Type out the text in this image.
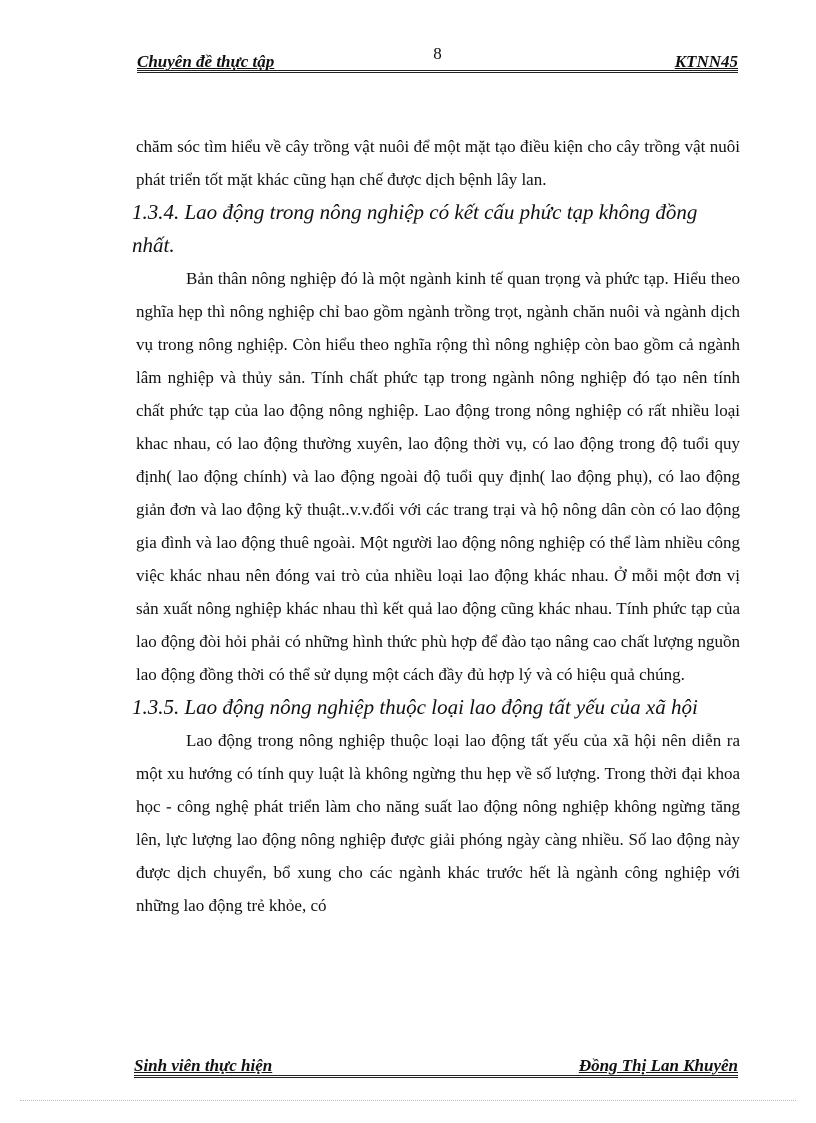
Chuyên đề thực tập	8	KTNN45

chăm sóc tìm hiểu về cây trồng vật nuôi để một mặt tạo điều kiện cho cây trồng vật nuôi phát triển tốt mặt khác cũng hạn chế được dịch bệnh lây lan.

1.3.4. Lao động trong nông nghiệp có kết cấu phức tạp không đồng nhất.

Bản thân nông nghiệp đó là một ngành kinh tế quan trọng và phức tạp. Hiểu theo nghĩa hẹp thì nông nghiệp chỉ bao gồm ngành trồng trọt, ngành chăn nuôi và ngành dịch vụ trong nông nghiệp. Còn hiểu theo nghĩa rộng thì nông nghiệp còn bao gồm cả ngành lâm nghiệp và thủy sản. Tính chất phức tạp trong ngành nông nghiệp đó tạo nên tính chất phức tạp của lao động nông nghiệp. Lao động trong nông nghiệp có rất nhiều loại khac nhau, có lao động thường xuyên, lao động thời vụ, có lao động trong độ tuổi quy định( lao động chính) và lao động ngoài độ tuổi quy định( lao động phụ), có lao động giản đơn và lao động kỹ thuật..v.v.đối với các trang trại và hộ nông dân còn có lao động gia đình và lao động thuê ngoài. Một người lao động nông nghiệp có thể làm nhiều công việc khác nhau nên đóng vai trò của nhiều loại lao động khác nhau. Ở mỗi một đơn vị sản xuất nông nghiệp khác nhau thì kết quả lao động cũng khác nhau. Tính phức tạp của lao động đòi hỏi phải có những hình thức phù hợp để đào tạo nâng cao chất lượng nguồn lao động đồng thời có thể sử dụng một cách đầy đủ hợp lý và có hiệu quả chúng.

1.3.5. Lao động nông nghiệp thuộc loại lao động tất yếu của xã hội

Lao động trong nông nghiệp thuộc loại lao động tất yếu của xã hội nên diễn ra một xu hướng có tính quy luật là không ngừng thu hẹp về số lượng. Trong thời đại khoa học - công nghệ phát triển làm cho năng suất lao động nông nghiệp không ngừng tăng lên, lực lượng lao động nông nghiệp được giải phóng ngày càng nhiều. Số lao động này được dịch chuyển, bổ xung cho các ngành khác trước hết là ngành công nghiệp với những lao động trẻ khỏe, có

Sinh viên thực hiện	Đồng Thị Lan Khuyên
